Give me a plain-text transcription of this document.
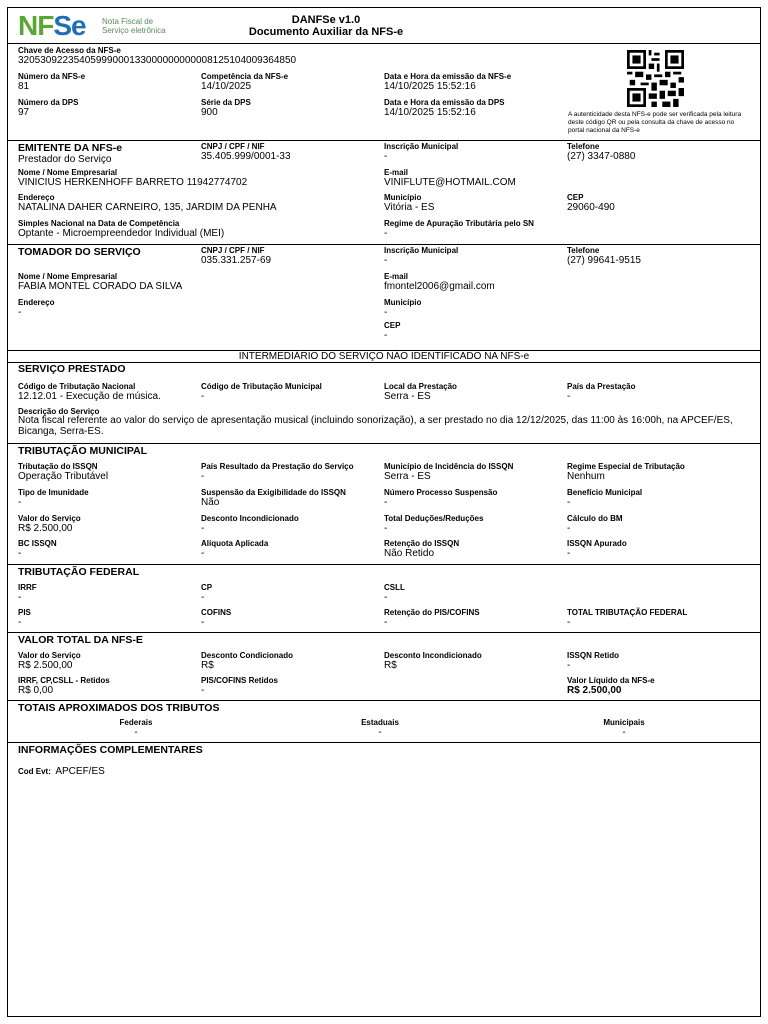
NFSe Nota Fiscal de
Serviço eletrônica
DANFSe v1.0
Documento Auxiliar da NFS-e
Chave de Acesso da NFS-e
32053092235405999000133000000000008125104009364850
Número da NFS-e
81
Competência da NFS-e
14/10/2025
Data e Hora da emissão da NFS-e
14/10/2025 15:52:16
Número da DPS
97
Série da DPS
900
Data e Hora da emissão da DPS
14/10/2025 15:52:16	A autenticidade desta NFS-e pode ser verificada pela leitura deste código QR ou pela consulta da chave de acesso no portal nacional da NFS-e
EMITENTE DA NFS-e
Prestador do Serviço
CNPJ / CPF / NIF
35.405.999/0001-33
Inscrição Municipal
-
Telefone
(27) 3347-0880
Nome / Nome Empresarial
VINICIUS HERKENHOFF BARRETO 11942774702
E-mail
VINIFLUTE@HOTMAIL.COM
Endereço
NATALINA DAHER CARNEIRO, 135, JARDIM DA PENHA
Município
Vitória - ES
CEP
29060-490
Simples Nacional na Data de Competência
Optante - Microempreendedor Individual (MEI)
Regime de Apuração Tributária pelo SN
-
TOMADOR DO SERVIÇO	CNPJ / CPF / NIF
035.331.257-69
Inscrição Municipal
-
Telefone
(27) 99641-9515
Nome / Nome Empresarial
FABIA MONTEL CORADO DA SILVA
E-mail
fmontel2006@gmail.com
Endereço
-
Município
-
CEP
-
INTERMEDIÁRIO DO SERVIÇO NÃO IDENTIFICADO NA NFS-e
SERVIÇO PRESTADO
Código de Tributação Nacional
12.12.01 - Execução de música.
Código de Tributação Municipal
-
Local da Prestação
Serra - ES
País da Prestação
-
Descrição do Serviço
Nota fiscal referente ao valor do serviço de apresentação musical (incluindo sonorização), a ser prestado no dia 12/12/2025, das 11:00 às 16:00h, na APCEF/ES, Bicanga, Serra-ES.
TRIBUTAÇÃO MUNICIPAL
Tributação do ISSQN
Operação Tributável
País Resultado da Prestação do Serviço
-
Município de Incidência do ISSQN
Serra - ES
Regime Especial de Tributação
Nenhum
Tipo de Imunidade
-
Suspensão da Exigibilidade do ISSQN
Não
Número Processo Suspensão
-
Benefício Municipal
-
Valor do Serviço
R$ 2.500,00
Desconto Incondicionado
-
Total Deduções/Reduções
-
Cálculo do BM
-
BC ISSQN
-
Alíquota Aplicada
-
Retenção do ISSQN
Não Retido
ISSQN Apurado
-
TRIBUTAÇÃO FEDERAL
IRRF
-
CP
-
CSLL
-
PIS
-
COFINS
-
Retenção do PIS/COFINS
-
TOTAL TRIBUTAÇÃO FEDERAL
-
VALOR TOTAL DA NFS-E
Valor do Serviço
R$ 2.500,00
Desconto Condicionado
R$
Desconto Incondicionado
R$
ISSQN Retido
-
IRRF, CP,CSLL - Retidos
R$ 0,00
PIS/COFINS Retidos
-
Valor Líquido da NFS-e
R$ 2.500,00
TOTAIS APROXIMADOS DOS TRIBUTOS
Federais
-
Estaduais
-
Municipais
-
INFORMAÇÕES COMPLEMENTARES
Cod Evt: APCEF/ES
